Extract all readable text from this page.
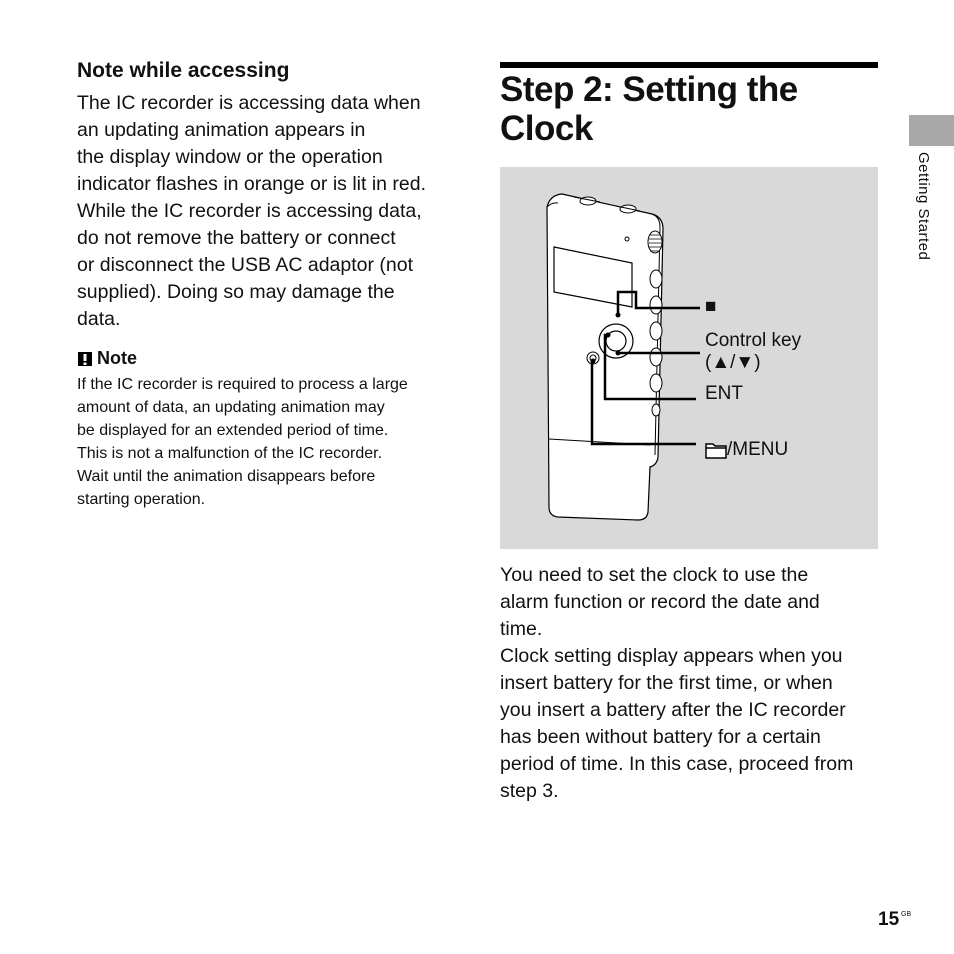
Note while accessing
The IC recorder is accessing data when
an updating animation appears in
the display window or the operation
indicator flashes in orange or is lit in red.
While the IC recorder is accessing data,
do not remove the battery or connect
or disconnect the USB AC adaptor (not
supplied). Doing so may damage the
data.
Note
If the IC recorder is required to process a large
amount of data, an updating animation may
be displayed for an extended period of time.
This is not a malfunction of the IC recorder.
Wait until the animation disappears before
starting operation.
Step 2: Setting the
Clock
■
Control key
(▲/▼)
ENT
/MENU
You need to set the clock to use the
alarm function or record the date and
time.
Clock setting display appears when you
insert battery for the first time, or when
you insert a battery after the IC recorder
has been without battery for a certain
period of time. In this case, proceed from
step 3.
Getting Started
15 GB
